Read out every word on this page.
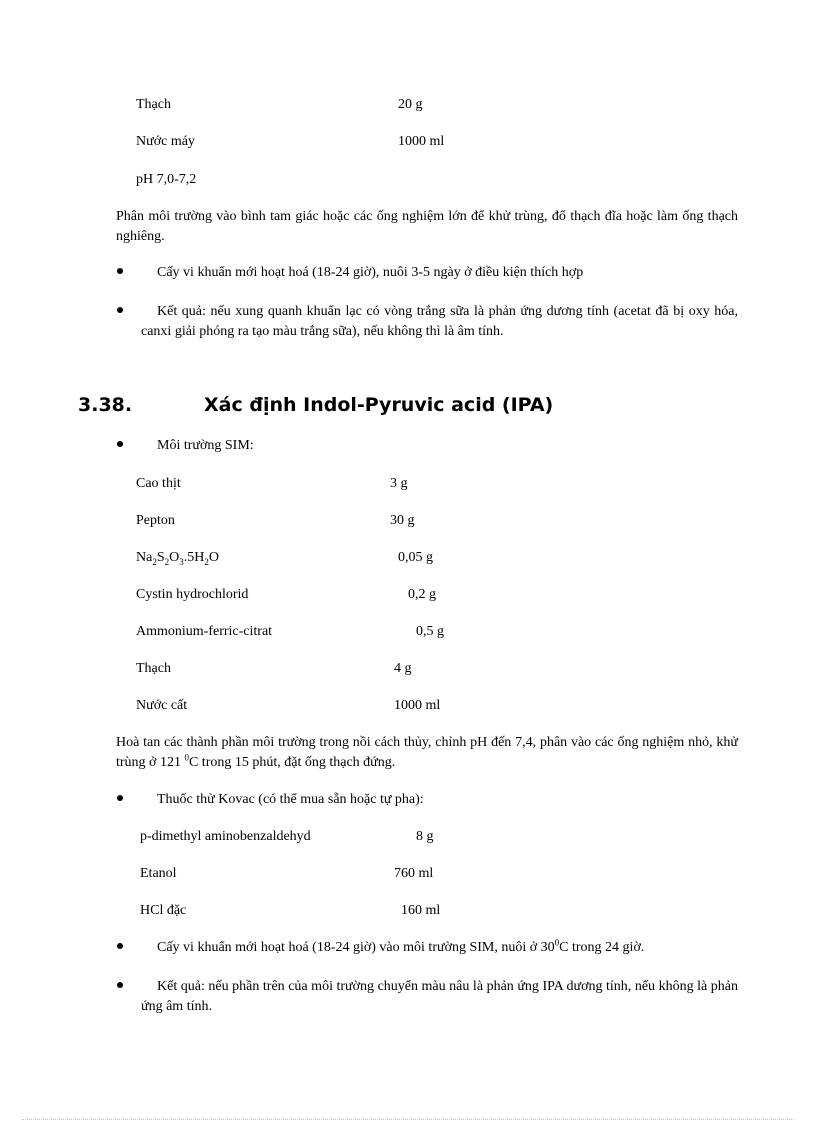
Thạch	20 g
Nước máy	1000 ml
pH 7,0-7,2
Phân môi trường vào bình tam giác hoặc các ống nghiệm lớn để khử trùng, đổ thạch đĩa hoặc làm ống thạch nghiêng.
Cấy vi khuẩn mới hoạt hoá (18-24 giờ), nuôi 3-5 ngày ở điều kiện thích hợp
Kết quả: nếu xung quanh khuẩn lạc có vòng trắng sữa là phản ứng dương tính (acetat đã bị oxy hóa, canxi giải phóng ra tạo màu trắng sữa), nếu không thì là âm tính.
3.38.	Xác định Indol-Pyruvic acid (IPA)
Môi trường SIM:
Cao thịt	3 g
Pepton	30 g
$Na_2S_2O_3.5H_2O$	0,05 g
Cystin hydrochlorid	0,2 g
Ammonium-ferric-citrat	0,5 g
Thạch	4 g
Nước cất	1000 ml
Hoà tan các thành phần môi trường trong nồi cách thủy, chỉnh pH đến 7,4, phân vào các ống nghiệm nhỏ, khử trùng ở 121 $^0$C trong 15 phút, đặt ống thạch đứng.
Thuốc thử Kovac (có thể mua sẵn hoặc tự pha):
p-dimethyl aminobenzaldehyd	8 g
Etanol	760 ml
HCl đặc	160 ml
Cấy vi khuẩn mới hoạt hoá (18-24 giờ) vào môi trường SIM, nuôi ở $30^0C$ trong 24 giờ.
Kết quả: nếu phần trên của môi trường chuyển màu nâu là phản ứng IPA dương tính, nếu không là phản ứng âm tính.
